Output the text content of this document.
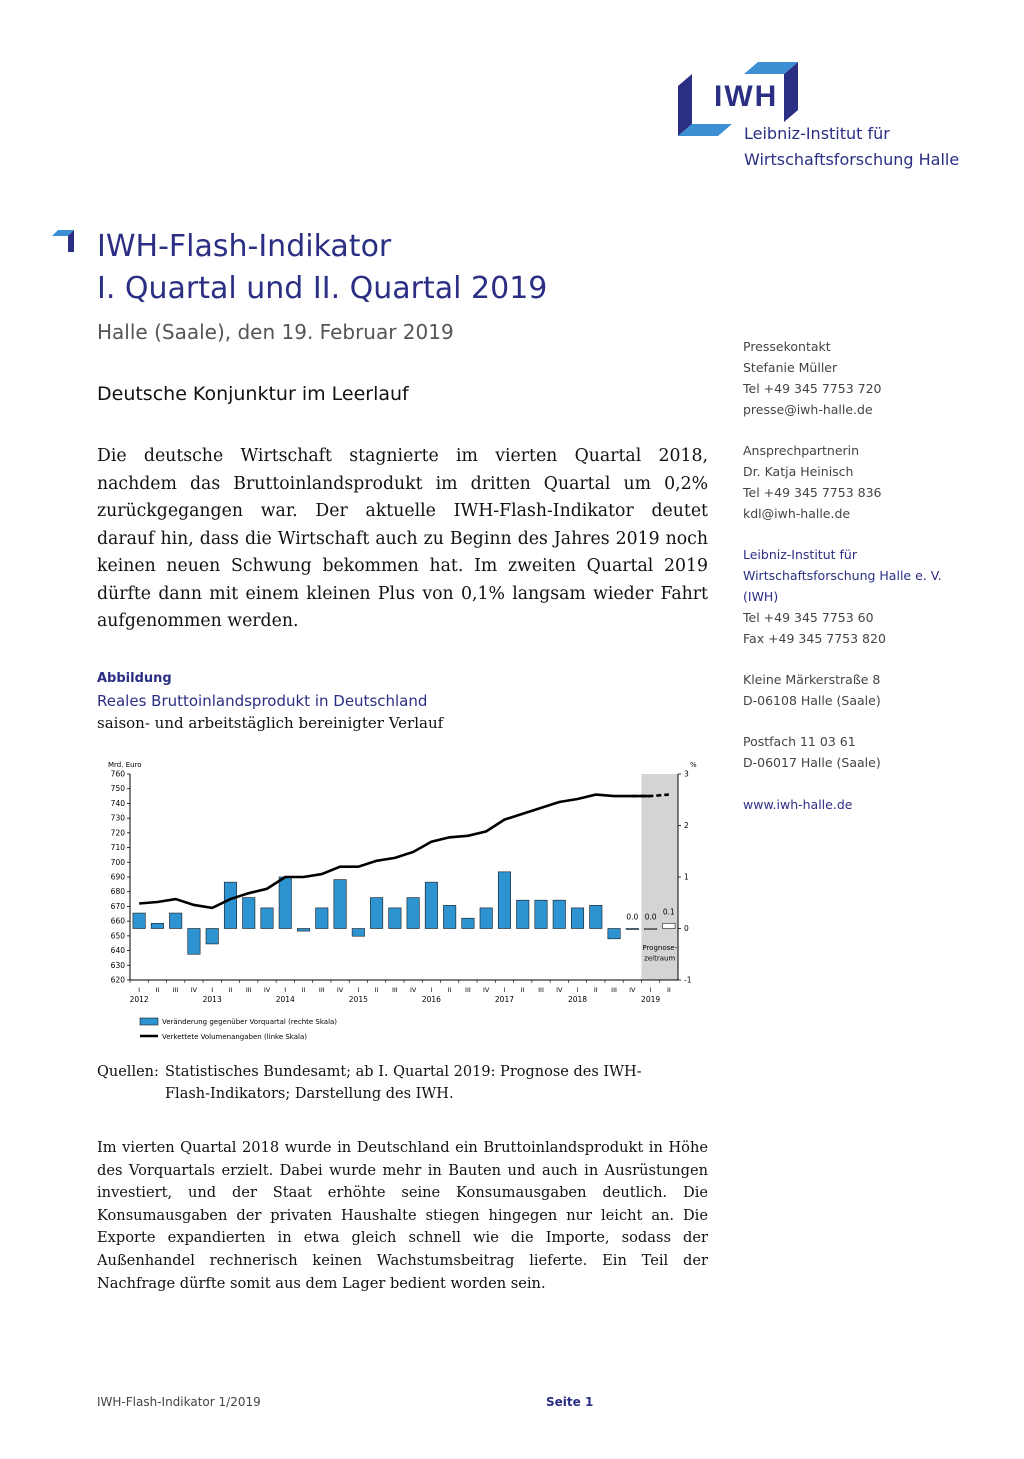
IWH
Leibniz-Institut für
Wirtschaftsforschung Halle
IWH-Flash-Indikator
I. Quartal und II. Quartal 2019
Halle (Saale), den 19. Februar 2019
Deutsche Konjunktur im Leerlauf
Die deutsche Wirtschaft stagnierte im vierten Quartal 2018, nachdem das Bruttoinlandsprodukt im dritten Quartal um 0,2% zurückgegangen war. Der aktuelle IWH-Flash-Indikator deutet darauf hin, dass die Wirtschaft auch zu Beginn des Jahres 2019 noch keinen neuen Schwung bekommen hat. Im zweiten Quartal 2019 dürfte dann mit einem kleinen Plus von 0,1% langsam wieder Fahrt aufgenommen werden.
Abbildung
Reales Bruttoinlandsprodukt in Deutschland
saison- und arbeitstäglich bereinigter Verlauf
Mrd. Euro	%
620
630
640
650
660
670
680
690
700
710
720
730
740
750
760
-1
0
1
2
3
0.0 0.0
0.1
Prognose-
zeitraum
I II III IV I II III IV I II III IV I II III IV I II III IV I II III IV I II III IV I II
2012	2013	2014	2015	2016	2017	2018	2019
Veränderung gegenüber Vorquartal (rechte Skala)
Verkettete Volumenangaben (linke Skala)
Quellen: Statistisches Bundesamt; ab I. Quartal 2019: Prognose des IWH-Flash-Indikators; Darstellung des IWH.
Im vierten Quartal 2018 wurde in Deutschland ein Bruttoinlandsprodukt in Höhe des Vorquartals erzielt. Dabei wurde mehr in Bauten und auch in Ausrüstungen investiert, und der Staat erhöhte seine Konsumausgaben deutlich. Die Konsumausgaben der privaten Haushalte stiegen hingegen nur leicht an. Die Exporte expandierten in etwa gleich schnell wie die Importe, sodass der Außenhandel rechnerisch keinen Wachstumsbeitrag lieferte. Ein Teil der Nachfrage dürfte somit aus dem Lager bedient worden sein.
Pressekontakt
Stefanie Müller
Tel +49 345 7753 720
presse@iwh-halle.de
Ansprechpartnerin
Dr. Katja Heinisch
Tel +49 345 7753 836
kdl@iwh-halle.de
Leibniz-Institut für
Wirtschaftsforschung Halle e. V.
(IWH)
Tel +49 345 7753 60
Fax +49 345 7753 820
Kleine Märkerstraße 8
D-06108 Halle (Saale)
Postfach 11 03 61
D-06017 Halle (Saale)
www.iwh-halle.de
IWH-Flash-Indikator 1/2019	Seite 1
